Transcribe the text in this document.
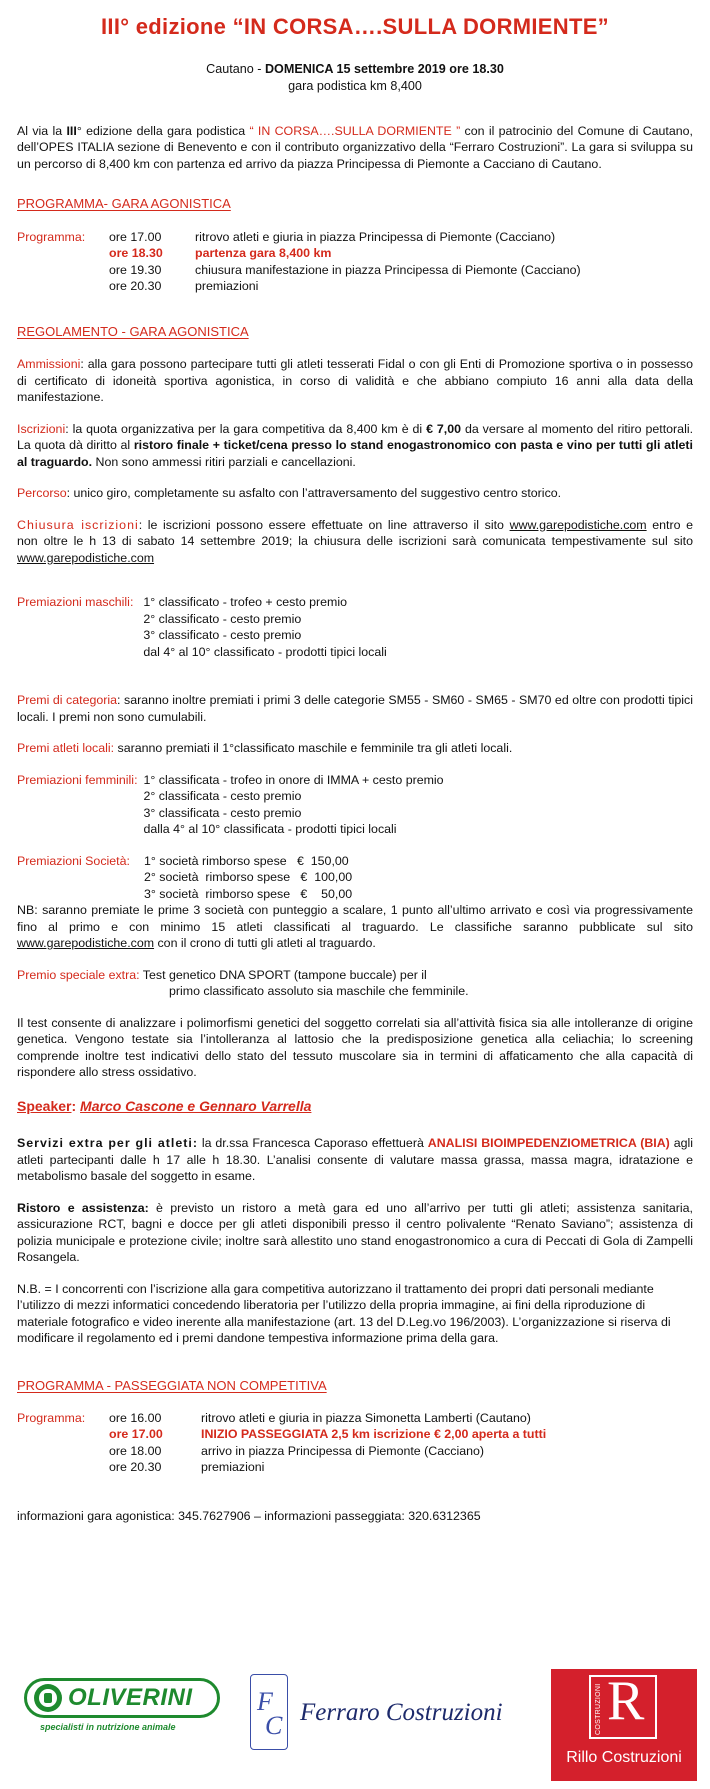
III° edizione “IN CORSA….SULLA DORMIENTE”
Cautano - DOMENICA 15 settembre 2019 ore 18.30
gara podistica km 8,400

Al via la III° edizione della gara podistica “ IN CORSA….SULLA DORMIENTE ” con il patrocinio del Comune di Cautano, dell’OPES ITALIA sezione di Benevento e con il contributo organizzativo della “Ferraro Costruzioni”. La gara si sviluppa su un percorso di 8,400 km con partenza ed arrivo da piazza Principessa di Piemonte a Cacciano di Cautano.

PROGRAMMA- GARA AGONISTICA
Programma:	ore 17.00	ritrovo atleti e giuria in piazza Principessa di Piemonte (Cacciano)
ore 18.30	partenza gara 8,400 km
ore 19.30	chiusura manifestazione in piazza Principessa di Piemonte (Cacciano)
ore 20.30	premiazioni
REGOLAMENTO - GARA AGONISTICA

Ammissioni: alla gara possono partecipare tutti gli atleti tesserati Fidal o con gli Enti di Promozione sportiva o in possesso di certificato di idoneità sportiva agonistica, in corso di validità e che abbiano compiuto 16 anni alla data della manifestazione.

Iscrizioni: la quota organizzativa per la gara competitiva da 8,400 km è di € 7,00 da versare al momento del ritiro pettorali. La quota dà diritto al ristoro finale + ticket/cena presso lo stand enogastronomico con pasta e vino per tutti gli atleti al traguardo. Non sono ammessi ritiri parziali e cancellazioni.

Percorso: unico giro, completamente su asfalto con l’attraversamento del suggestivo centro storico.

Chiusura iscrizioni: le iscrizioni possono essere effettuate on line attraverso il sito www.garepodistiche.com entro e non oltre le h 13 di sabato 14 settembre 2019; la chiusura delle iscrizioni sarà comunicata tempestivamente sul sito www.garepodistiche.com

Premiazioni maschili: 1° classificato - trofeo + cesto premio
2° classificato - cesto premio
3° classificato - cesto premio
dal 4° al 10° classificato - prodotti tipici locali

Premi di categoria: saranno inoltre premiati i primi 3 delle categorie SM55 - SM60 - SM65 - SM70 ed oltre con prodotti tipici locali. I premi non sono cumulabili.

Premi atleti locali: saranno premiati il 1°classificato maschile e femminile tra gli atleti locali.

Premiazioni femminili: 1° classificata - trofeo in onore di IMMA + cesto premio
2° classificata - cesto premio
3° classificata - cesto premio
dalla 4° al 10° classificata - prodotti tipici locali
Premiazioni Società:	1° società rimborso spese   €  150,00
2° società  rimborso spese   €  100,00
3° società  rimborso spese   €    50,00

NB: saranno premiate le prime 3 società con punteggio a scalare, 1 punto all’ultimo arrivato e così via progressivamente fino al primo e con minimo 15 atleti classificati al traguardo. Le classifiche saranno pubblicate sul sito www.garepodistiche.com con il crono di tutti gli atleti al traguardo.

Premio speciale extra: Test genetico DNA SPORT (tampone buccale) per il

primo classificato assoluto sia maschile che femminile.

Il test consente di analizzare i polimorfismi genetici del soggetto correlati sia all’attività fisica sia alle intolleranze di origine genetica. Vengono testate sia l’intolleranza al lattosio che la predisposizione genetica alla celiachia; lo screening comprende inoltre test indicativi dello stato del tessuto muscolare sia in termini di affaticamento che alla capacità di rispondere allo stress ossidativo.

Speaker: Marco Cascone e Gennaro Varrella

Servizi extra per gli atleti: la dr.ssa Francesca Caporaso effettuerà ANALISI BIOIMPEDENZIOMETRICA (BIA) agli atleti partecipanti dalle h 17 alle h 18.30. L’analisi consente di valutare massa grassa, massa magra, idratazione e metabolismo basale del soggetto in esame.

Ristoro e assistenza: è previsto un ristoro a metà gara ed uno all’arrivo per tutti gli atleti; assistenza sanitaria, assicurazione RCT, bagni e docce per gli atleti disponibili presso il centro polivalente “Renato Saviano”; assistenza di polizia municipale e protezione civile; inoltre sarà allestito uno stand enogastronomico a cura di Peccati di Gola di Zampelli Rosangela.

N.B. = I concorrenti con l’iscrizione alla gara competitiva autorizzano il trattamento dei propri dati personali mediante l’utilizzo di mezzi informatici concedendo liberatoria per l’utilizzo della propria immagine, ai fini della riproduzione di materiale fotografico e video inerente alla manifestazione (art. 13 del D.Leg.vo 196/2003). L’organizzazione si riserva di modificare il regolamento ed i premi dandone tempestiva informazione prima della gara.

PROGRAMMA - PASSEGGIATA NON COMPETITIVA
Programma:	ore 16.00	ritrovo atleti e giuria in piazza Simonetta Lamberti (Cautano)
ore 17.00	INIZIO PASSEGGIATA 2,5 km iscrizione € 2,00 aperta a tutti
ore 18.00	arrivo in piazza Principessa di Piemonte (Cacciano)
ore 20.30	premiazioni

informazioni gara agonistica: 345.7627906 – informazioni passeggiata: 320.6312365

OLIVERINI
specialisti in nutrizione animale
F
C Ferraro Costruzioni R
COSTRUZIONI
Rillo Costruzioni
